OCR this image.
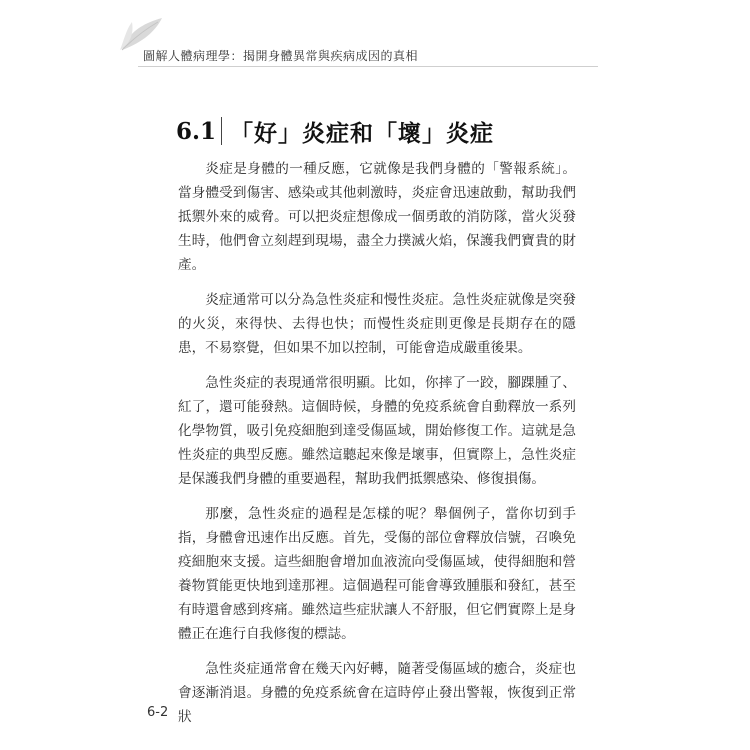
圖解人體病理學：揭開身體異常與疾病成因的真相
6.1 「好」炎症和「壞」炎症

炎症是身體的一種反應，它就像是我們身體的「警報系統」。當身體受到傷害、感染或其他刺激時，炎症會迅速啟動，幫助我們抵禦外來的威脅。可以把炎症想像成一個勇敢的消防隊，當火災發生時，他們會立刻趕到現場，盡全力撲滅火焰，保護我們寶貴的財產。

炎症通常可以分為急性炎症和慢性炎症。急性炎症就像是突發的火災，來得快、去得也快；而慢性炎症則更像是長期存在的隱患，不易察覺，但如果不加以控制，可能會造成嚴重後果。

急性炎症的表現通常很明顯。比如，你摔了一跤，腳踝腫了、紅了，還可能發熱。這個時候，身體的免疫系統會自動釋放一系列化學物質，吸引免疫細胞到達受傷區域，開始修復工作。這就是急性炎症的典型反應。雖然這聽起來像是壞事，但實際上，急性炎症是保護我們身體的重要過程，幫助我們抵禦感染、修復損傷。

那麼，急性炎症的過程是怎樣的呢？舉個例子，當你切到手指，身體會迅速作出反應。首先，受傷的部位會釋放信號，召喚免疫細胞來支援。這些細胞會增加血液流向受傷區域，使得細胞和營養物質能更快地到達那裡。這個過程可能會導致腫脹和發紅，甚至有時還會感到疼痛。雖然這些症狀讓人不舒服，但它們實際上是身體正在進行自我修復的標誌。

急性炎症通常會在幾天內好轉，隨著受傷區域的癒合，炎症也會逐漸消退。身體的免疫系統會在這時停止發出警報，恢復到正常狀

6-2
